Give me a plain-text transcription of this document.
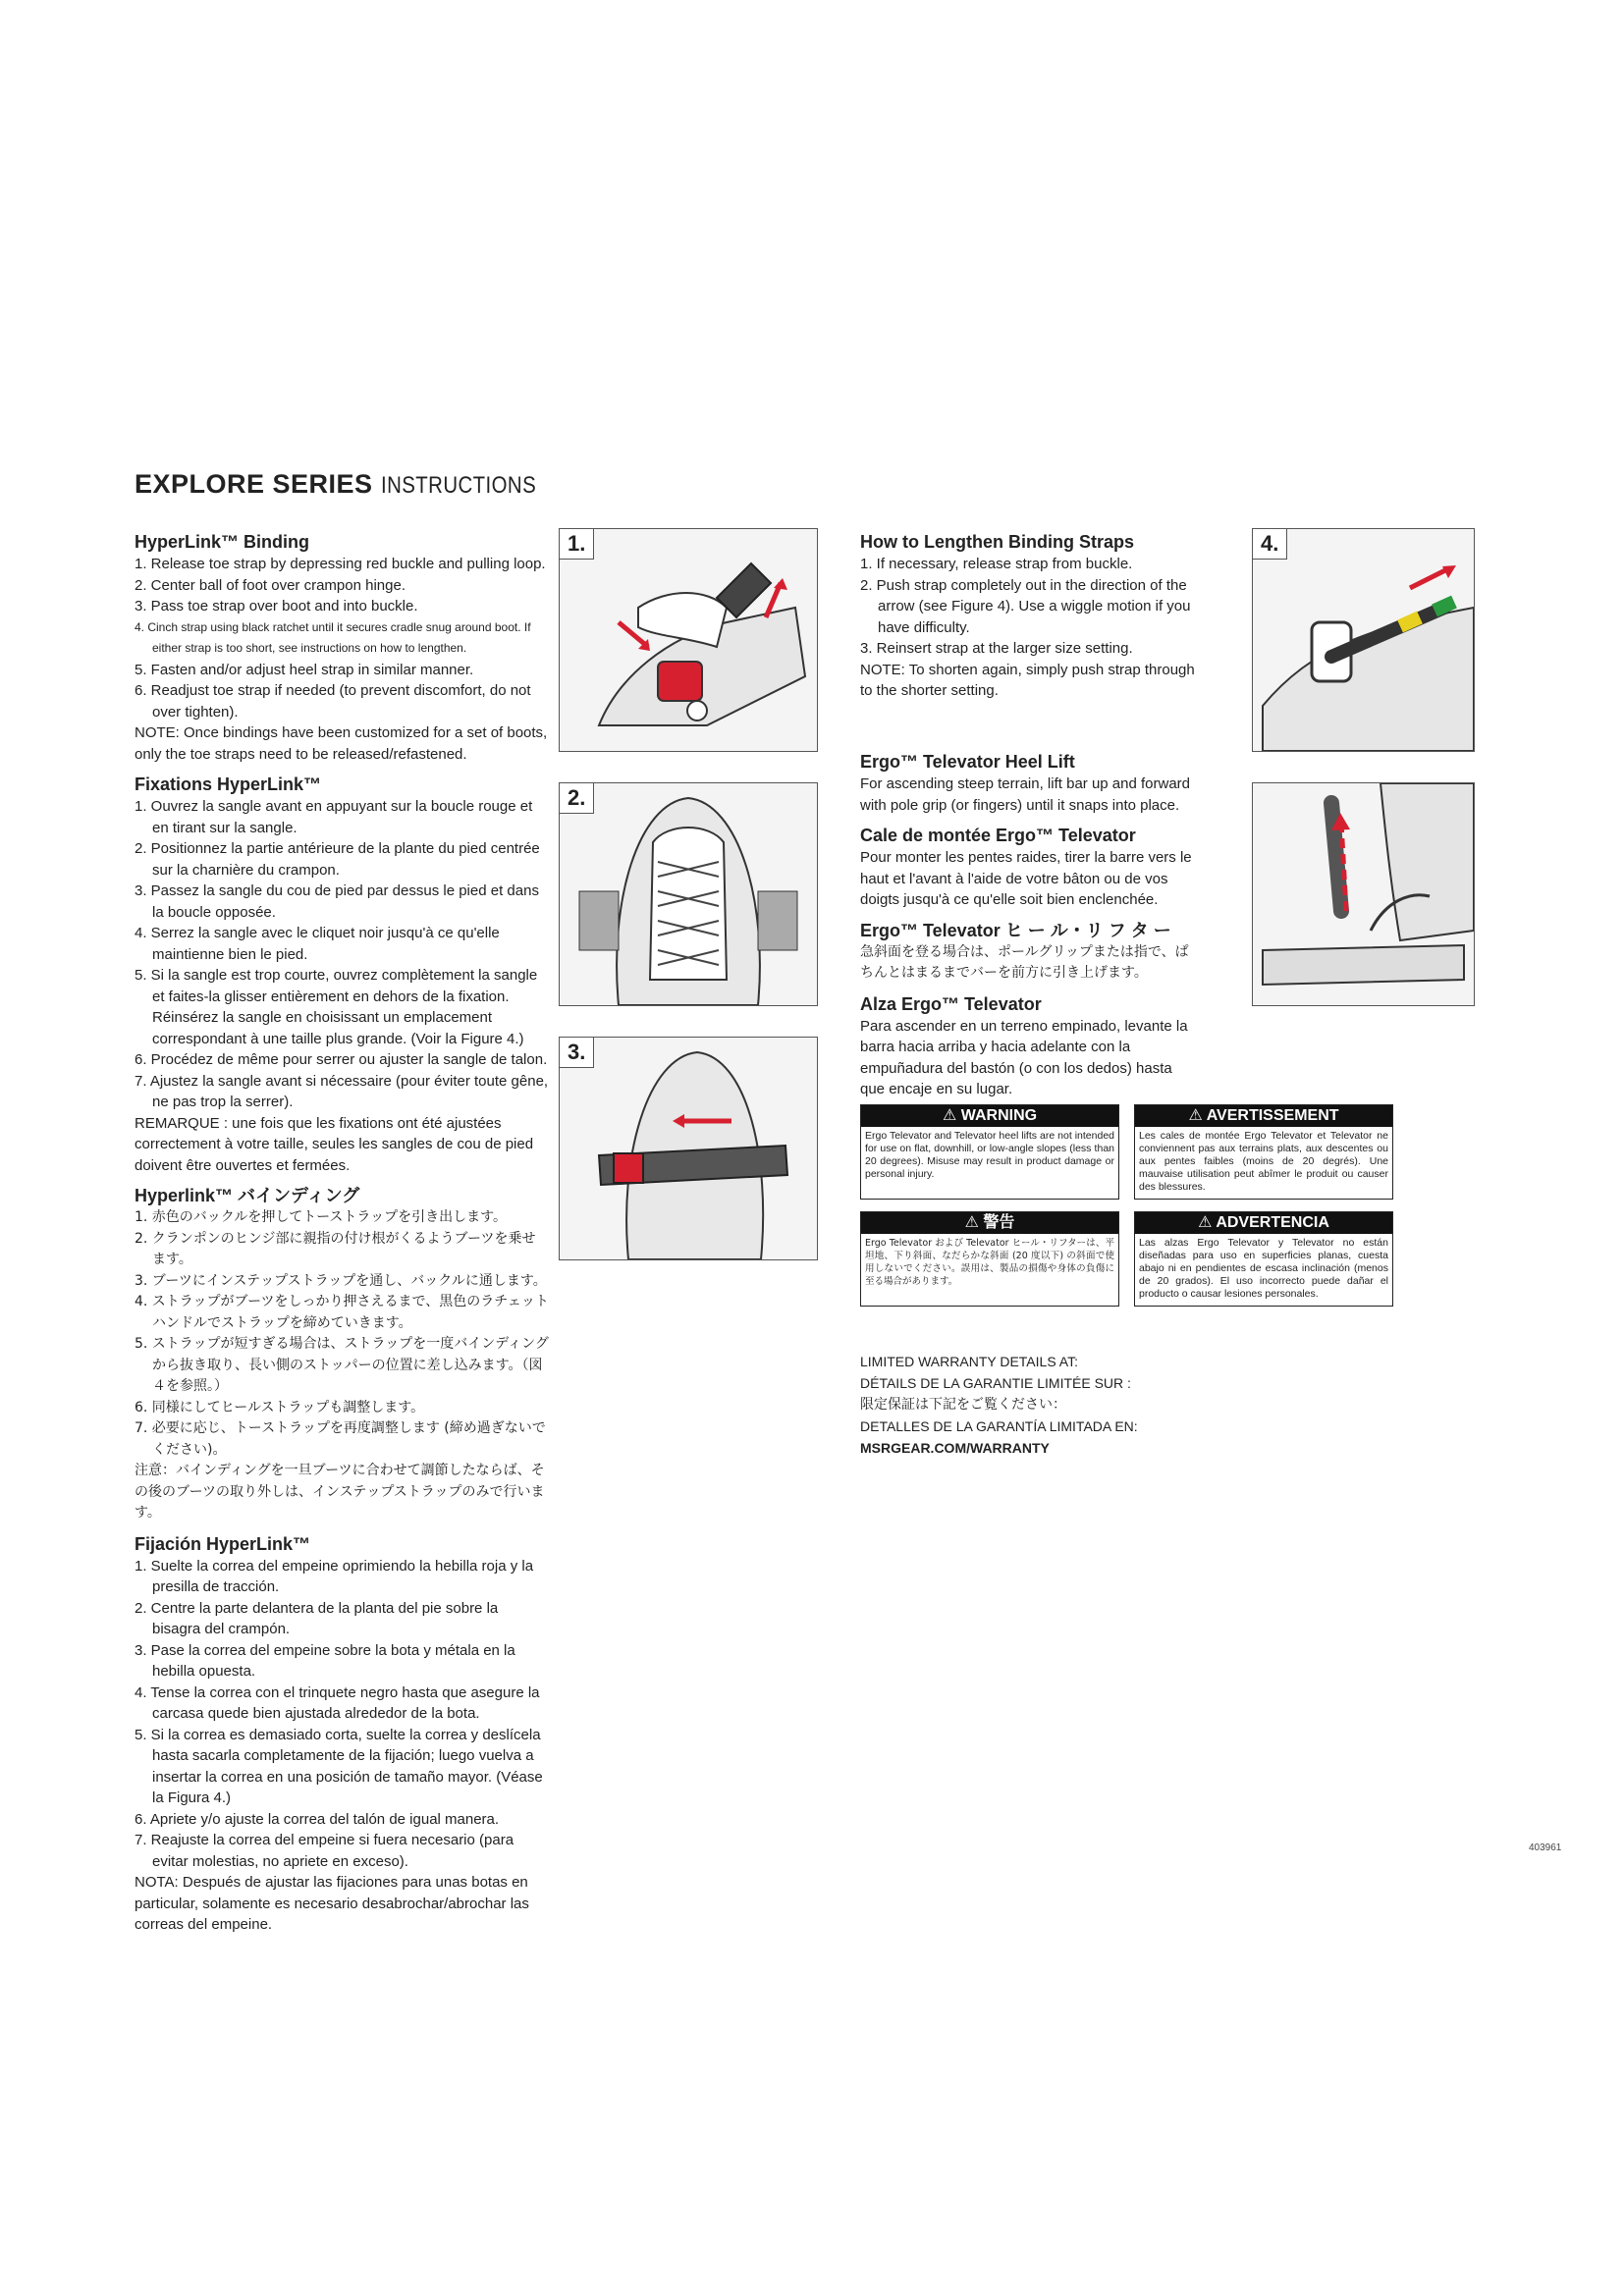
EXPLORE SERIES INSTRUCTIONS
HyperLink™ Binding
1. Release toe strap by depressing red buckle and pulling loop.
2. Center ball of foot over crampon hinge.
3. Pass toe strap over boot and into buckle.
4. Cinch strap using black ratchet until it secures cradle snug around boot. If either strap is too short, see instructions on how to lengthen.
5. Fasten and/or adjust heel strap in similar manner.
6. Readjust toe strap if needed (to prevent discomfort, do not over tighten).
NOTE: Once bindings have been customized for a set of boots, only the toe straps need to be released/refastened.
Fixations HyperLink™
1. Ouvrez la sangle avant en appuyant sur la boucle rouge et en tirant sur la sangle.
2. Positionnez la partie antérieure de la plante du pied centrée sur la charnière du crampon.
3. Passez la sangle du cou de pied par dessus le pied et dans la boucle opposée.
4. Serrez la sangle avec le cliquet noir jusqu'à ce qu'elle maintienne bien le pied.
5. Si la sangle est trop courte, ouvrez complètement la sangle et faites-la glisser entièrement en dehors de la fixation. Réinsérez la sangle en choisissant un emplacement correspondant à une taille plus grande. (Voir la Figure 4.)
6. Procédez de même pour serrer ou ajuster la sangle de talon.
7. Ajustez la sangle avant si nécessaire (pour éviter toute gêne, ne pas trop la serrer).
REMARQUE : une fois que les fixations ont été ajustées correctement à votre taille, seules les sangles de cou de pied doivent être ouvertes et fermées.
Hyperlink™ バインディング
1. 赤色のバックルを押してトーストラップを引き出します。
2. クランポンのヒンジ部に親指の付け根がくるようブーツを乗せます。
3. ブーツにインステップストラップを通し、バックルに通します。
4. ストラップがブーツをしっかり押さえるまで、黒色のラチェットハンドルでストラップを締めていきます。
5. ストラップが短すぎる場合は、ストラップを一度バインディングから抜き取り、長い側のストッパーの位置に差し込みます。（図４を参照。）
6. 同様にしてヒールストラップも調整します。
7. 必要に応じ、トーストラップを再度調整します (締め過ぎないでください)。
注意：バインディングを一旦ブーツに合わせて調節したならば、その後のブーツの取り外しは、インステップストラップのみで行います。
Fijación HyperLink™
1. Suelte la correa del empeine oprimiendo la hebilla roja y la presilla de tracción.
2. Centre la parte delantera de la planta del pie sobre la bisagra del crampón.
3. Pase la correa del empeine sobre la bota y métala en la hebilla opuesta.
4. Tense la correa con el trinquete negro hasta que asegure la carcasa quede bien ajustada alrededor de la bota.
5. Si la correa es demasiado corta, suelte la correa y deslícela hasta sacarla completamente de la fijación; luego vuelva a insertar la correa en una posición de tamaño mayor. (Véase la Figura 4.)
6. Apriete y/o ajuste la correa del talón de igual manera.
7. Reajuste la correa del empeine si fuera necesario (para evitar molestias, no apriete en exceso).
NOTA: Después de ajustar las fijaciones para unas botas en particular, solamente es necesario desabrochar/abrochar las correas del empeine.
1.
2.
3.
How to Lengthen Binding Straps
1. If necessary, release strap from buckle.
2. Push strap completely out in the direction of the arrow (see Figure 4). Use a wiggle motion if you have difficulty.
3. Reinsert strap at the larger size setting.
NOTE: To shorten again, simply push strap through to the shorter setting.
Ergo™ Televator Heel Lift
For ascending steep terrain, lift bar up and forward with pole grip (or fingers) until it snaps into place.
Cale de montée Ergo™ Televator
Pour monter les pentes raides, tirer la barre vers le haut et l'avant à l'aide de votre bâton ou de vos doigts jusqu'à ce qu'elle soit bien enclenchée.
Ergo™ Televator ヒ ー ル・リ フ タ ー
急斜面を登る場合は、ポールグリップまたは指で、ぱちんとはまるまでバーを前方に引き上げます。
Alza Ergo™ Televator
Para ascender en un terreno empinado, levante la barra hacia arriba y hacia adelante con la empuñadura del bastón (o con los dedos) hasta que encaje en su lugar.
4.
⚠ WARNING
Ergo Televator and Televator heel lifts are not intended for use on flat, downhill, or low-angle slopes (less than 20 degrees). Misuse may result in product damage or personal injury.
⚠ AVERTISSEMENT
Les cales de montée Ergo Televator et Televator ne conviennent pas aux terrains plats, aux descentes ou aux pentes faibles (moins de 20 degrés). Une mauvaise utilisation peut abîmer le produit ou causer des blessures.
⚠ 警告
Ergo Televator および Televator ヒール・リフターは、平坦地、下り斜面、なだらかな斜面 (20 度以下) の斜面で使用しないでください。誤用は、製品の損傷や身体の負傷に至る場合があります。
⚠ ADVERTENCIA
Las alzas Ergo Televator y Televator no están diseñadas para uso en superficies planas, cuesta abajo ni en pendientes de escasa inclinación (menos de 20 grados). El uso incorrecto puede dañar el producto o causar lesiones personales.
LIMITED WARRANTY DETAILS AT:
DÉTAILS DE LA GARANTIE LIMITÉE SUR :
限定保証は下記をご覧ください：
DETALLES DE LA GARANTÍA LIMITADA EN:
MSRGEAR.COM/WARRANTY
403961
